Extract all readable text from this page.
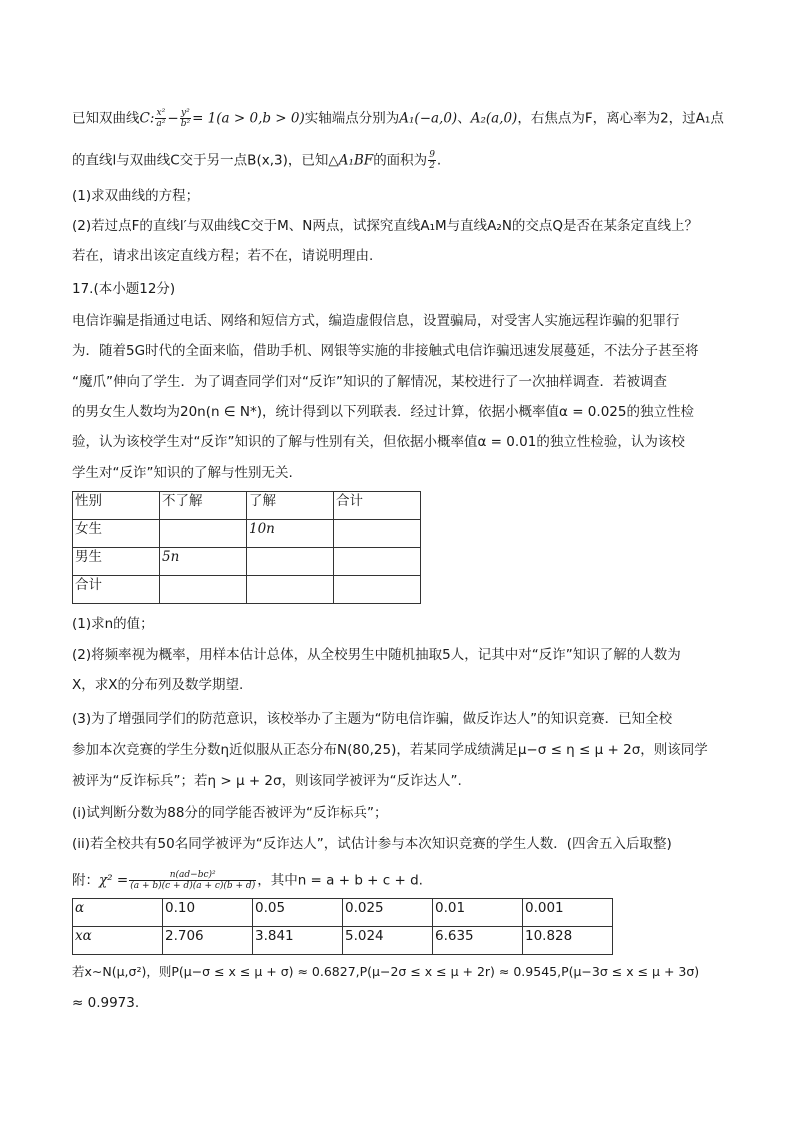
已知双曲线C: $\frac{\text{x²}}{\text{a²}} - \frac{\text{y²}}{\text{b²}} = 1(a > 0,b > 0)$实轴端点分别为A₁(−a,0)、A₂(a,0)，右焦点为F，离心率为2，过A₁点
的直线l与双曲线C交于另一点B(x,3)，已知△A₁BF的面积为 $\frac{9}{2}$ .
(1)求双曲线的方程；
(2)若过点F的直线l′与双曲线C交于M、N两点，试探究直线A₁M与直线A₂N的交点Q是否在某条定直线上？
若在，请求出该定直线方程；若不在，请说明理由.
17.(本小题12分)
电信诈骗是指通过电话、网络和短信方式，编造虚假信息，设置骗局，对受害人实施远程诈骗的犯罪行
为．随着5G时代的全面来临，借助手机、网银等实施的非接触式电信诈骗迅速发展蔓延，不法分子甚至将
“魔爪”伸向了学生．为了调查同学们对“反诈”知识的了解情况，某校进行了一次抽样调查．若被调查
的男女生人数均为20n(n ∈ N*)，统计得到以下列联表．经过计算，依据小概率值α = 0.025的独立性检
验，认为该校学生对“反诈”知识的了解与性别有关，但依据小概率值α = 0.01的独立性检验，认为该校
学生对“反诈”知识的了解与性别无关.
性别	不了解	了解	合计
女生		10n	
男生	5n		
合计			
(1)求n的值；
(2)将频率视为概率，用样本估计总体，从全校男生中随机抽取5人，记其中对“反诈”知识了解的人数为
X，求X的分布列及数学期望.
(3)为了增强同学们的防范意识，该校举办了主题为“防电信诈骗，做反诈达人”的知识竞赛．已知全校
参加本次竞赛的学生分数η近似服从正态分布N(80,25)，若某同学成绩满足μ−σ ≤ η ≤ μ + 2σ，则该同学
被评为“反诈标兵”；若η > μ + 2σ，则该同学被评为“反诈达人”.
(i)试判断分数为88分的同学能否被评为“反诈标兵”；
(ii)若全校共有50名同学被评为“反诈达人”，试估计参与本次知识竞赛的学生人数．(四舍五入后取整)
附：$\chi^2 = \frac{\text{n(ad−bc)²}}{(a + b)(c + d)(a + c)(b + d)}$ ，其中n = a + b + c + d.
α	0.10	0.05	0.025	0.01	0.001
xα	2.706	3.841	5.024	6.635	10.828
若x∼N(μ,σ²)，则P(μ−σ ≤ x ≤ μ + σ) ≈ 0.6827,P(μ−2σ ≤ x ≤ μ + 2r) ≈ 0.9545,P(μ−3σ ≤ x ≤ μ + 3σ)
≈ 0.9973.
